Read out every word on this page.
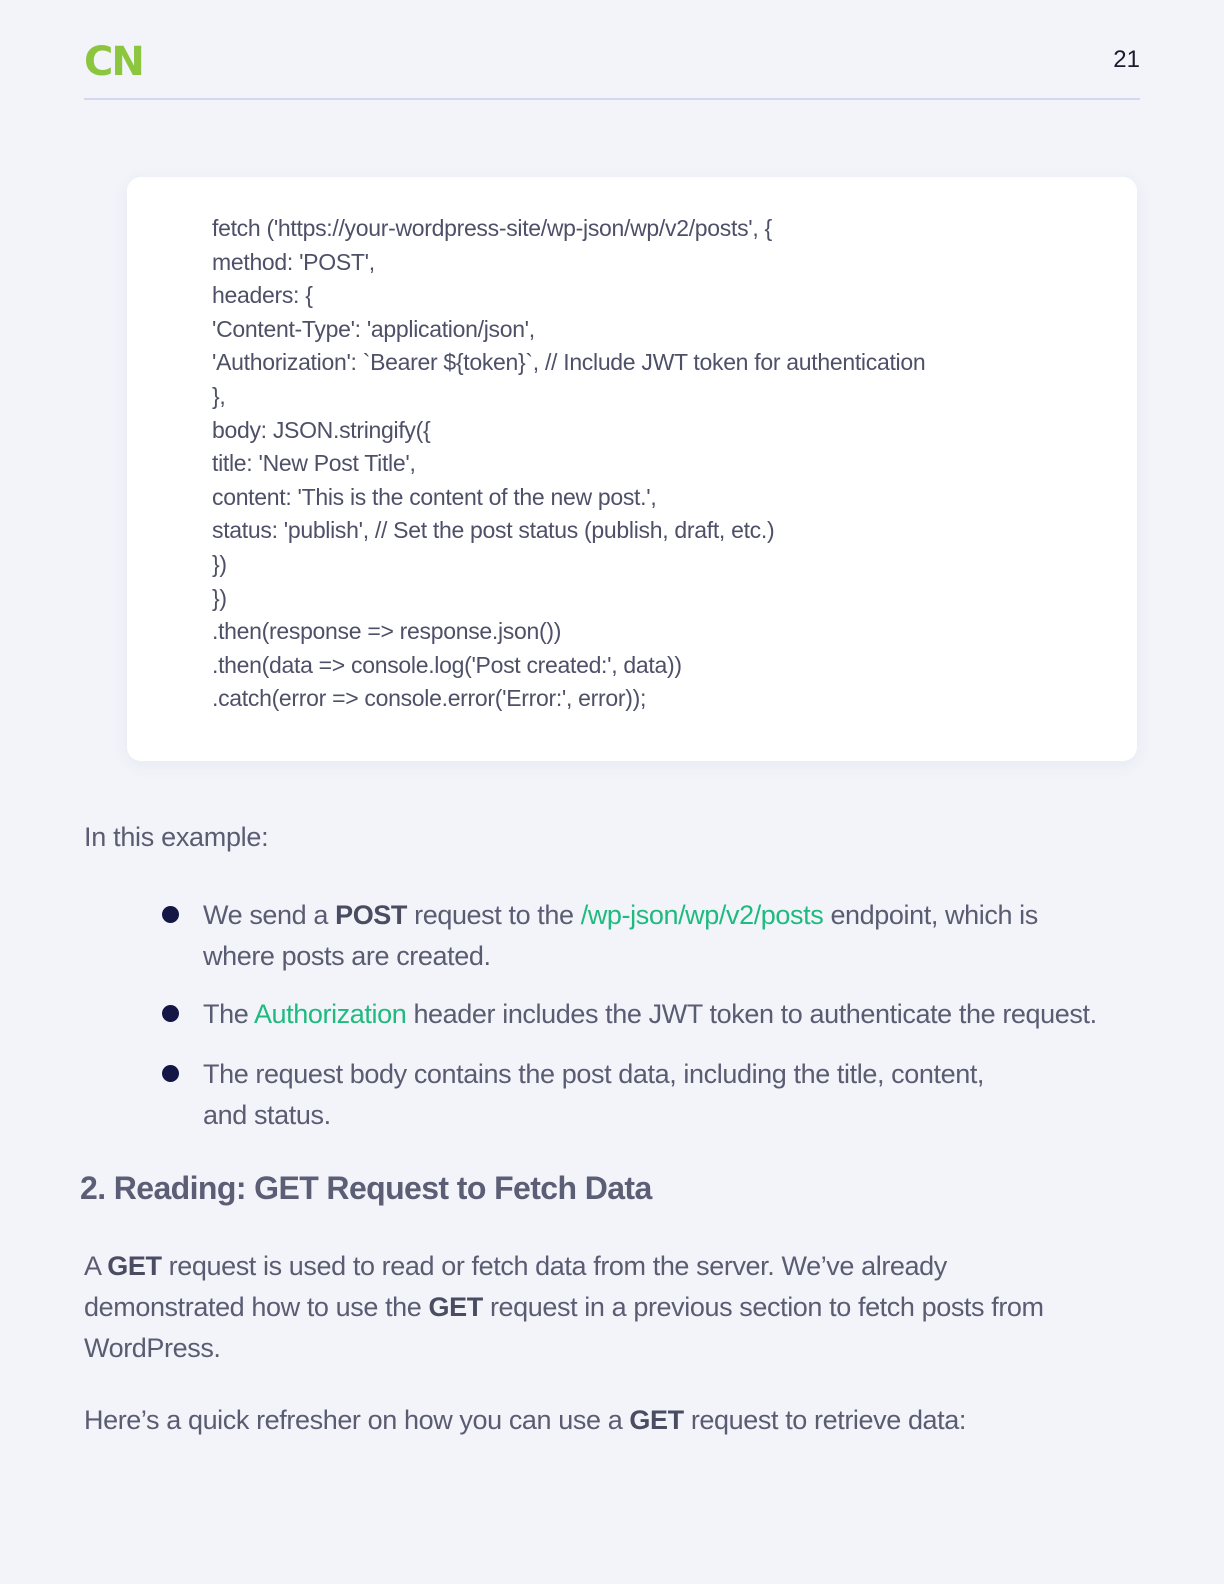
CN	21
fetch ('https://your-wordpress-site/wp-json/wp/v2/posts', {
method: 'POST',
headers: {
'Content-Type': 'application/json',
'Authorization': `Bearer ${token}`, // Include JWT token for authentication
},
body: JSON.stringify({
title: 'New Post Title',
content: 'This is the content of the new post.',
status: 'publish', // Set the post status (publish, draft, etc.)
})
})
.then(response => response.json())
.then(data => console.log('Post created:', data))
.catch(error => console.error('Error:', error));

In this example:

We send a POST request to the /wp-json/wp/v2/posts endpoint, which is where posts are created.
The Authorization header includes the JWT token to authenticate the request.
The request body contains the post data, including the title, content, and status.
2. Reading: GET Request to Fetch Data

A GET request is used to read or fetch data from the server. We’ve already demonstrated how to use the GET request in a previous section to fetch posts from WordPress.

Here’s a quick refresher on how you can use a GET request to retrieve data:
